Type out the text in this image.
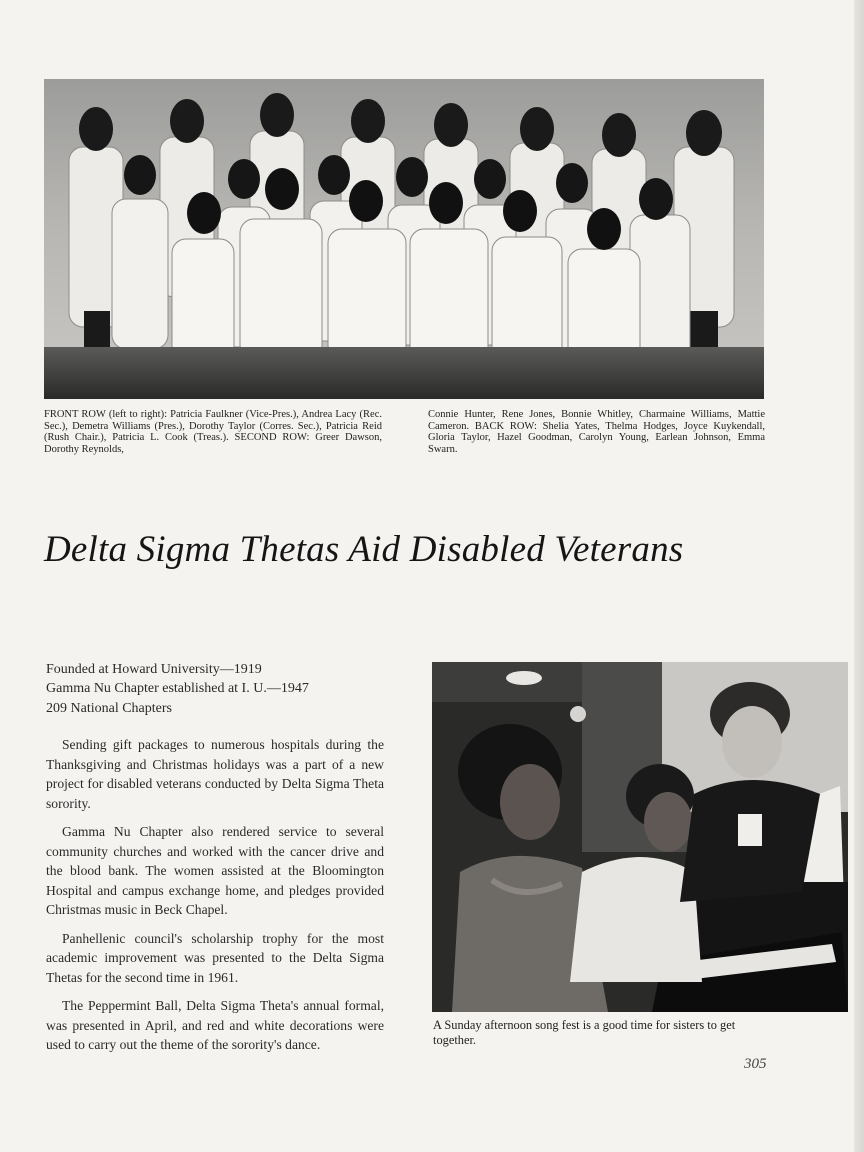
FRONT ROW (left to right): Patricia Faulkner (Vice-Pres.), Andrea Lacy (Rec. Sec.), Demetra Williams (Pres.), Dorothy Taylor (Corres. Sec.), Patricia Reid (Rush Chair.), Patricia L. Cook (Treas.). SECOND ROW: Greer Dawson, Dorothy Reynolds,
Connie Hunter, Rene Jones, Bonnie Whitley, Charmaine Williams, Mattie Cameron. BACK ROW: Shelia Yates, Thelma Hodges, Joyce Kuykendall, Gloria Taylor, Hazel Goodman, Carolyn Young, Earlean Johnson, Emma Swarn.
Delta Sigma Thetas Aid Disabled Veterans
Founded at Howard University—1919
Gamma Nu Chapter established at I. U.—1947
209 National Chapters

Sending gift packages to numerous hospitals during the Thanksgiving and Christmas holidays was a part of a new project for disabled veterans conducted by Delta Sigma Theta sorority.

Gamma Nu Chapter also rendered service to several community churches and worked with the cancer drive and the blood bank. The women assisted at the Bloomington Hospital and campus exchange home, and pledges provided Christmas music in Beck Chapel.

Panhellenic council's scholarship trophy for the most academic improvement was presented to the Delta Sigma Thetas for the second time in 1961.

The Peppermint Ball, Delta Sigma Theta's annual formal, was presented in April, and red and white decorations were used to carry out the theme of the sorority's dance.

A Sunday afternoon song fest is a good time for sisters to get together.
305
